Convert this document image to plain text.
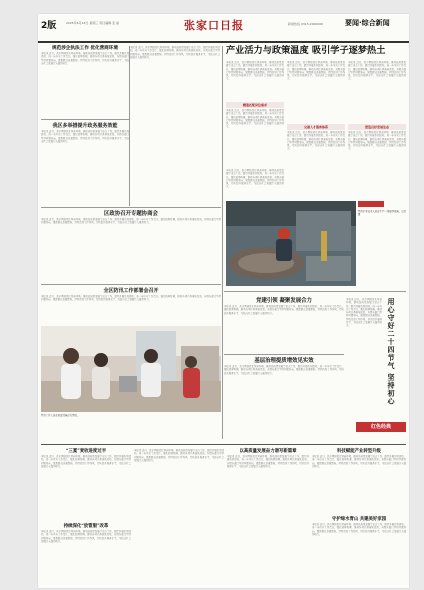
2版	2025年6月18日 星期三 责任编辑 张 丽	张家口日报	新闻热线 0313-2000000	要闻·综合新闻

规范涉企执法工作 优化营商环境

本报讯 近日，我市围绕优化营商环境、推动高质量发展等重点工作，组织开展系列活动，进一步压实工作责任，强化统筹协调，推动各项任务落地见效。各级各部门坚持问题导向，聚焦群众急难愁盼，持续改进工作作风，切实提升服务水平，为经济社会发展注入强劲动力。

我区多举措提升政务服务效能

本报讯 近日，我市围绕优化营商环境、推动高质量发展等重点工作，组织开展系列活动，进一步压实工作责任，强化统筹协调，推动各项任务落地见效。各级各部门坚持问题导向，聚焦群众急难愁盼，持续改进工作作风，切实提升服务水平，为经济社会发展注入强劲动力。

区政协召开专题协商会

本报讯 近日，我市围绕优化营商环境、推动高质量发展等重点工作，组织开展系列活动，进一步压实工作责任，强化统筹协调，推动各项任务落地见效。各级各部门坚持问题导向，聚焦群众急难愁盼，持续改进工作作风，切实提升服务水平，为经济社会发展注入强劲动力。

全区防汛工作部署会召开

本报讯 近日，我市围绕优化营商环境、推动高质量发展等重点工作，组织开展系列活动，进一步压实工作责任，强化统筹协调，推动各项任务落地见效。各级各部门坚持问题导向，聚焦群众急难愁盼，持续改进工作作风，切实提升服务水平，为经济社会发展注入强劲动力。

本报讯 近日，我市围绕优化营商环境、推动高质量发展等重点工作，组织开展系列活动，进一步压实工作责任，强化统筹协调，推动各项任务落地见效。各级各部门坚持问题导向，聚焦群众急难愁盼，持续改进工作作风，切实提升服务水平，为经济社会发展注入强劲动力。

图为工作人员在检查设备运行情况。

产业活力与政策温度 吸引学子逐梦热土

本报讯 近日，我市围绕优化营商环境、推动高质量发展等重点工作，组织开展系列活动，进一步压实工作责任，强化统筹协调，推动各项任务落地见效。各级各部门坚持问题导向，聚焦群众急难愁盼，持续改进工作作风，切实提升服务水平，为经济社会发展注入强劲动力。

精准匹配岗位需求

本报讯 近日，我市围绕优化营商环境、推动高质量发展等重点工作，组织开展系列活动，进一步压实工作责任，强化统筹协调，推动各项任务落地见效。各级各部门坚持问题导向，聚焦群众急难愁盼，持续改进工作作风，切实提升服务水平，为经济社会发展注入强劲动力。

本报讯 近日，我市围绕优化营商环境、推动高质量发展等重点工作，组织开展系列活动，进一步压实工作责任，强化统筹协调，推动各项任务落地见效。各级各部门坚持问题导向，聚焦群众急难愁盼，持续改进工作作风，切实提升服务水平，为经济社会发展注入强劲动力。

本报讯 近日，我市围绕优化营商环境、推动高质量发展等重点工作，组织开展系列活动，进一步压实工作责任，强化统筹协调，推动各项任务落地见效。各级各部门坚持问题导向，聚焦群众急难愁盼，持续改进工作作风，切实提升服务水平，为经济社会发展注入强劲动力。

完善人才服务体系

本报讯 近日，我市围绕优化营商环境、推动高质量发展等重点工作，组织开展系列活动，进一步压实工作责任，强化统筹协调，推动各项任务落地见效。各级各部门坚持问题导向，聚焦群众急难愁盼，持续改进工作作风，切实提升服务水平，为经济社会发展注入强劲动力。

本报讯 近日，我市围绕优化营商环境、推动高质量发展等重点工作，组织开展系列活动，进一步压实工作责任，强化统筹协调，推动各项任务落地见效。各级各部门坚持问题导向，聚焦群众急难愁盼，持续改进工作作风，切实提升服务水平，为经济社会发展注入强劲动力。

营造良好发展生态

本报讯 近日，我市围绕优化营商环境、推动高质量发展等重点工作，组织开展系列活动，进一步压实工作责任，强化统筹协调，推动各项任务落地见效。各级各部门坚持问题导向，聚焦群众急难愁盼，持续改进工作作风，切实提升服务水平，为经济社会发展注入强劲动力。

图片新闻

图为企业技术人员在生产一线操作设备。记者 摄

党建引领 凝聚发展合力

本报讯 近日，我市围绕优化营商环境、推动高质量发展等重点工作，组织开展系列活动，进一步压实工作责任，强化统筹协调，推动各项任务落地见效。各级各部门坚持问题导向，聚焦群众急难愁盼，持续改进工作作风，切实提升服务水平，为经济社会发展注入强劲动力。

基层治理提质增效见实效

本报讯 近日，我市围绕优化营商环境、推动高质量发展等重点工作，组织开展系列活动，进一步压实工作责任，强化统筹协调，推动各项任务落地见效。各级各部门坚持问题导向，聚焦群众急难愁盼，持续改进工作作风，切实提升服务水平，为经济社会发展注入强劲动力。

本报讯 近日，我市围绕优化营商环境、推动高质量发展等重点工作，组织开展系列活动，进一步压实工作责任，强化统筹协调，推动各项任务落地见效。各级各部门坚持问题导向，聚焦群众急难愁盼，持续改进工作作风，切实提升服务水平，为经济社会发展注入强劲动力。	用心守好二十四节气 坚持初心
红色经典

“三夏”麦收进度过半

本报讯 近日，我市围绕优化营商环境、推动高质量发展等重点工作，组织开展系列活动，进一步压实工作责任，强化统筹协调，推动各项任务落地见效。各级各部门坚持问题导向，聚焦群众急难愁盼，持续改进工作作风，切实提升服务水平，为经济社会发展注入强劲动力。

持续深化“放管服”改革

本报讯 近日，我市围绕优化营商环境、推动高质量发展等重点工作，组织开展系列活动，进一步压实工作责任，强化统筹协调，推动各项任务落地见效。各级各部门坚持问题导向，聚焦群众急难愁盼，持续改进工作作风，切实提升服务水平，为经济社会发展注入强劲动力。

本报讯 近日，我市围绕优化营商环境、推动高质量发展等重点工作，组织开展系列活动，进一步压实工作责任，强化统筹协调，推动各项任务落地见效。各级各部门坚持问题导向，聚焦群众急难愁盼，持续改进工作作风，切实提升服务水平，为经济社会发展注入强劲动力。

以高质量发展奋力谱写新篇章

本报讯 近日，我市围绕优化营商环境、推动高质量发展等重点工作，组织开展系列活动，进一步压实工作责任，强化统筹协调，推动各项任务落地见效。各级各部门坚持问题导向，聚焦群众急难愁盼，持续改进工作作风，切实提升服务水平，为经济社会发展注入强劲动力。

科技赋能产业转型升级

本报讯 近日，我市围绕优化营商环境、推动高质量发展等重点工作，组织开展系列活动，进一步压实工作责任，强化统筹协调，推动各项任务落地见效。各级各部门坚持问题导向，聚焦群众急难愁盼，持续改进工作作风，切实提升服务水平，为经济社会发展注入强劲动力。

守护绿水青山 共建美好家园

本报讯 近日，我市围绕优化营商环境、推动高质量发展等重点工作，组织开展系列活动，进一步压实工作责任，强化统筹协调，推动各项任务落地见效。各级各部门坚持问题导向，聚焦群众急难愁盼，持续改进工作作风，切实提升服务水平，为经济社会发展注入强劲动力。
